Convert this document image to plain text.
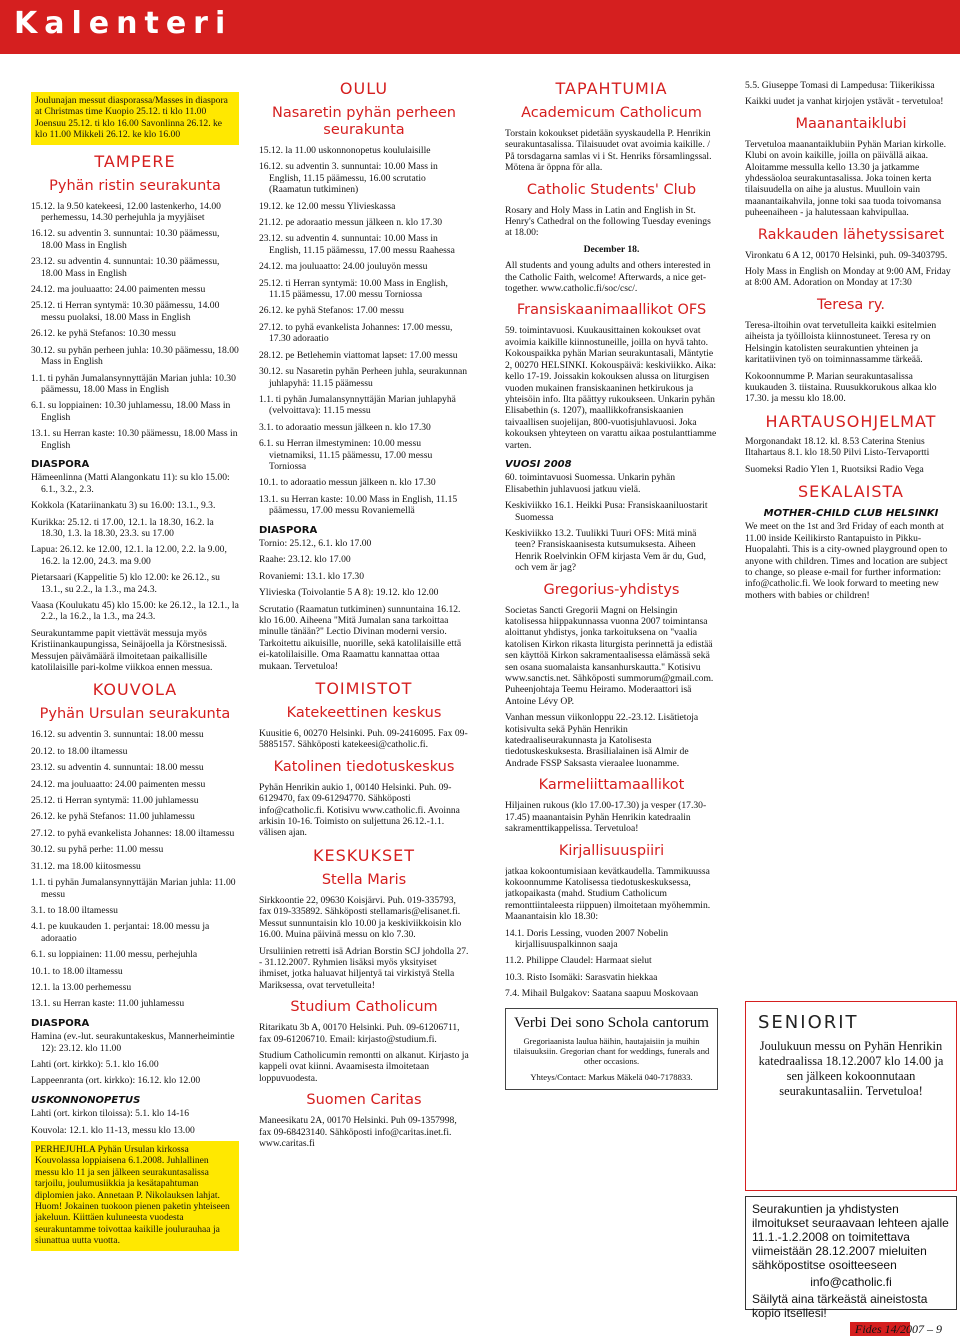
Kalenteri

Joulunajan messut diasporassa/Masses in diaspora at Christmas time Kuopio 25.12. ti klo 11.00 Joensuu 25.12. ti klo 16.00 Savonlinna 26.12. ke klo 11.00 Mikkeli 26.12. ke klo 16.00

TAMPERE
Pyhän ristin seurakunta

15.12. la 9.50 katekeesi, 12.00 lastenkerho, 14.00 perhemessu, 14.30 perhejuhla ja myyjäiset

16.12. su adventin 3. sunnuntai: 10.30 päämessu, 18.00 Mass in English

23.12. su adventin 4. sunnuntai: 10.30 päämessu, 18.00 Mass in English

24.12. ma jouluaatto: 24.00 paimenten messu

25.12. ti Herran syntymä: 10.30 päämessu, 14.00 messu puolaksi, 18.00 Mass in English

26.12. ke pyhä Stefanos: 10.30 messu

30.12. su pyhän perheen juhla: 10.30 päämessu, 18.00 Mass in English

1.1. ti pyhän Jumalansynnyttäjän Marian juhla: 10.30 päämessu, 18.00 Mass in English

6.1. su loppiainen: 10.30 juhlamessu, 18.00 Mass in English

13.1. su Herran kaste: 10.30 päämessu, 18.00 Mass in English

DIASPORA

Hämeenlinna (Matti Alangonkatu 11): su klo 15.00: 6.1., 3.2., 2.3.

Kokkola (Katariinankatu 3) su 16.00: 13.1., 9.3.

Kurikka: 25.12. ti 17.00, 12.1. la 18.30, 16.2. la 18.30, 1.3. la 18.30, 23.3. su 17.00

Lapua: 26.12. ke 12.00, 12.1. la 12.00, 2.2. la 9.00, 16.2. la 12.00, 24.3. ma 9.00

Pietarsaari (Kappelitie 5) klo 12.00: ke 26.12., su 13.1., su 2.2., la 1.3., ma 24.3.

Vaasa (Koulukatu 45) klo 15.00: ke 26.12., la 12.1., la 2.2., la 16.2., la 1.3., ma 24.3.

Seurakuntamme papit viettävät messuja myös Kristiinankaupungissa, Seinäjoella ja Körstnesissä. Messujen päivämäärä ilmoitetaan paikallisille katolilaisille pari-kolme viikkoa ennen messua.

KOUVOLA
Pyhän Ursulan seurakunta

16.12. su adventin 3. sunnuntai: 18.00 messu

20.12. to 18.00 iltamessu

23.12. su adventin 4. sunnuntai: 18.00 messu

24.12. ma jouluaatto: 24.00 paimenten messu

25.12. ti Herran syntymä: 11.00 juhlamessu

26.12. ke pyhä Stefanos: 11.00 juhlamessu

27.12. to pyhä evankelista Johannes: 18.00 iltamessu

30.12. su pyhä perhe: 11.00 messu

31.12. ma 18.00 kiitosmessu

1.1. ti pyhän Jumalansynnyttäjän Marian juhla: 11.00 messu

3.1. to 18.00 iltamessu

4.1. pe kuukauden 1. perjantai: 18.00 messu ja adoraatio

6.1. su loppiainen: 11.00 messu, perhejuhla

10.1. to 18.00 iltamessu

12.1. la 13.00 perhemessu

13.1. su Herran kaste: 11.00 juhlamessu

DIASPORA

Hamina (ev.-lut. seurakuntakeskus, Mannerheimintie 12): 23.12. klo 11.00

Lahti (ort. kirkko): 5.1. klo 16.00

Lappeenranta (ort. kirkko): 16.12. klo 12.00

USKONNONOPETUS

Lahti (ort. kirkon tiloissa): 5.1. klo 14-16

Kouvola: 12.1. klo 11-13, messu klo 13.00

PERHEJUHLA Pyhän Ursulan kirkossa Kouvolassa loppiaisena 6.1.2008. Juhlallinen messu klo 11 ja sen jälkeen seurakuntasalissa tarjoilu, joulumusiikkia ja kesätapahtuman diplomien jako. Annetaan P. Nikolauksen lahjat. Huom! Jokainen tuokoon pienen paketin yhteiseen jakeluun. Kiittäen kuluneesta vuodesta seurakuntamme toivottaa kaikille joulurauhaa ja siunattua uutta vuotta.

OULU
Nasaretin pyhän perheen seurakunta

15.12. la 11.00 uskonnonopetus koululaisille

16.12. su adventin 3. sunnuntai: 10.00 Mass in English, 11.15 päämessu, 16.00 scrutatio (Raamatun tutkiminen)

19.12. ke 12.00 messu Ylivieskassa

21.12. pe adoraatio messun jälkeen n. klo 17.30

23.12. su adventin 4. sunnuntai: 10.00 Mass in English, 11.15 päämessu, 17.00 messu Raahessa

24.12. ma jouluaatto: 24.00 jouluyön messu

25.12. ti Herran syntymä: 10.00 Mass in English, 11.15 päämessu, 17.00 messu Torniossa

26.12. ke pyhä Stefanos: 17.00 messu

27.12. to pyhä evankelista Johannes: 17.00 messu, 17.30 adoraatio

28.12. pe Betlehemin viattomat lapset: 17.00 messu

30.12. su Nasaretin pyhän Perheen juhla, seurakunnan juhlapyhä: 11.15 päämessu

1.1. ti pyhän Jumalansynnyttäjän Marian juhlapyhä (velvoittava): 11.15 messu

3.1. to adoraatio messun jälkeen n. klo 17.30

6.1. su Herran ilmestyminen: 10.00 messu vietnamiksi, 11.15 päämessu, 17.00 messu Torniossa

10.1. to adoraatio messun jälkeen n. klo 17.30

13.1. su Herran kaste: 10.00 Mass in English, 11.15 päämessu, 17.00 messu Rovaniemellä

DIASPORA

Tornio: 25.12., 6.1. klo 17.00

Raahe: 23.12. klo 17.00

Rovaniemi: 13.1. klo 17.30

Ylivieska (Toivolantie 5 A 8): 19.12. klo 12.00

Scrutatio (Raamatun tutkiminen) sunnuntaina 16.12. klo 16.00. Aiheena "Mitä Jumalan sana tarkoittaa minulle tänään?" Lectio Divinan moderni versio. Tarkoitettu aikuisille, nuorille, sekä katolilaisille että ei-katolilaisille. Oma Raamattu kannattaa ottaa mukaan. Tervetuloa!

TOIMISTOT
Katekeettinen keskus

Kuusitie 6, 00270 Helsinki. Puh. 09-2416095. Fax 09-5885157. Sähköposti katekeesi@catholic.fi.

Katolinen tiedotuskeskus

Pyhän Henrikin aukio 1, 00140 Helsinki. Puh. 09-6129470, fax 09-61294770. Sähköposti info@catholic.fi. Kotisivu www.catholic.fi. Avoinna arkisin 10-16. Toimisto on suljettuna 26.12.-1.1. välisen ajan.

KESKUKSET
Stella Maris

Sirkkoontie 22, 09630 Koisjärvi. Puh. 019-335793, fax 019-335892. Sähköposti stellamaris@elisanet.fi. Messut sunnuntaisin klo 10.00 ja keskiviikkoisin klo 16.00. Muina päivinä messu on klo 7.30.

Ursuliinien retretti isä Adrian Borstin SCJ johdolla 27. - 31.12.2007. Ryhmien lisäksi myös yksityiset ihmiset, jotka haluavat hiljentyä tai virkistyä Stella Mariksessa, ovat tervetulleita!

Studium Catholicum

Ritarikatu 3b A, 00170 Helsinki. Puh. 09-61206711, fax 09-61206710. Email: kirjasto@studium.fi.

Studium Catholicumin remontti on alkanut. Kirjasto ja kappeli ovat kiinni. Avaamisesta ilmoitetaan loppuvuodesta.

Suomen Caritas

Maneesikatu 2A, 00170 Helsinki. Puh 09-1357998, fax 09-68423140. Sähköposti info@caritas.inet.fi. www.caritas.fi

TAPAHTUMIA
Academicum Catholicum

Torstain kokoukset pidetään syyskaudella P. Henrikin seurakuntasalissa. Tilaisuudet ovat avoimia kaikille. / På torsdagarna samlas vi i St. Henriks församlingssal. Mötena är öppna för alla.

Catholic Students' Club

Rosary and Holy Mass in Latin and English in St. Henry's Cathedral on the following Tuesday evenings at 18.00:

December 18.

All students and young adults and others interested in the Catholic Faith, welcome! Afterwards, a nice get-together. www.catholic.fi/soc/csc/.

Fransiskaanimaallikot OFS

59. toimintavuosi. Kuukausittainen kokoukset ovat avoimia kaikille kiinnostuneille, joilla on hyvä tahto. Kokouspaikka pyhän Marian seurakuntasali, Mäntytie 2, 00270 HELSINKI. Kokouspäivä: keskiviikko. Aika: kello 17-19. Joissakin kokouksen alussa on liturgisen vuoden mukainen fransiskaaninen hetkirukous ja yhteisöin info. Ilta päättyy rukoukseen. Unkarin pyhän Elisabethin (s. 1207), maallikkofransiskaanien taivaallisen suojelijan, 800-vuotisjuhlavuosi. Joka kokouksen yhteyteen on varattu aikaa postulanttiamme varten.

VUOSI 2008

60. toimintavuosi Suomessa. Unkarin pyhän Elisabethin juhlavuosi jatkuu vielä.

Keskiviikko 16.1. Heikki Pusa: Fransiskaaniluostarit Suomessa

Keskiviikko 13.2. Tuulikki Tuuri OFS: Mitä minä teen? Fransiskaanisesta kutsumuksesta. Aiheen Henrik Roelvinkin OFM kirjasta Vem är du, Gud, och vem är jag?

Gregorius-yhdistys

Societas Sancti Gregorii Magni on Helsingin katolisessa hiippakunnassa vuonna 2007 toimintansa aloittanut yhdistys, jonka tarkoituksena on "vaalia katolisen Kirkon rikasta liturgista perinnettä ja edistää sen käyttöä Kirkon sakramentaalisessa elämässä sekä sen osana suomalaista kansanhurskautta." Kotisivu www.sanctis.net. Sähköposti summorum@gmail.com. Puheenjohtaja Teemu Heiramo. Moderaattori isä Antoine Lévy OP.

Vanhan messun viikonloppu 22.-23.12. Lisätietoja kotisivulta sekä Pyhän Henrikin katedraaliseurakunnasta ja Katolisesta tiedotuskeskuksesta. Brasilialainen isä Almir de Andrade FSSP Saksasta vieraalee luonamme.

Karmeliittamaallikot

Hiljainen rukous (klo 17.00-17.30) ja vesper (17.30-17.45) maanantaisin Pyhän Henrikin katedraalin sakramenttikappelissa. Tervetuloa!

Kirjallisuuspiiri

jatkaa kokoontumisiaan kevätkaudella. Tammikuussa kokoonnumme Katolisessa tiedotuskeskuksessa, jatkopaikasta (mahd. Studium Catholicum remonttiintaleesta riippuen) ilmoitetaan myöhemmin. Maanantaisin klo 18.30:

14.1. Doris Lessing, vuoden 2007 Nobelin kirjallisuuspalkinnon saaja

11.2. Philippe Claudel: Harmaat sielut

10.3. Risto Isomäki: Sarasvatin hiekkaa

7.4. Mihail Bulgakov: Saatana saapuu Moskovaan

Verbi Dei sono Schola cantorum
Gregoriaanista laulua häihin, hautajaisiin ja muihin tilaisuuksiin. Gregorian chant for weddings, funerals and other occasions.
Yhteys/Contact: Markus Mäkelä 040-7178833.

5.5. Giuseppe Tomasi di Lampedusa: Tiikerikissa

Kaikki uudet ja vanhat kirjojen ystävät - tervetuloa!

Maanantaiklubi

Tervetuloa maanantaiklubiin Pyhän Marian kirkolle. Klubi on avoin kaikille, joilla on päivällä aikaa. Aloitamme messulla kello 13.30 ja jatkamme yhdessäoloa seurakuntasalissa. Joka toinen kerta tilaisuudella on aihe ja alustus. Muulloin vain maanantaikahvila, jonne toki saa tuoda toivomansa puheenaiheen - ja halutessaan kahvipullaa.

Rakkauden lähetyssisaret

Vironkatu 6 A 12, 00170 Helsinki, puh. 09-3403795.

Holy Mass in English on Monday at 9:00 AM, Friday at 8:00 AM. Adoration on Monday at 17:30

Teresa ry.

Teresa-iltoihin ovat tervetulleita kaikki esitelmien aiheista ja työilloista kiinnostuneet. Teresa ry on Helsingin katolisten seurakuntien yhteinen ja karitatiivinen työ on toiminnassamme tärkeää.

Kokoonnumme P. Marian seurakuntasalissa kuukauden 3. tiistaina. Ruusukkorukous alkaa klo 17.30. ja messu klo 18.00.

HARTAUSOHJELMAT

Morgonandakt 18.12. kl. 8.53 Caterina Stenius Iltahartaus 8.1. klo 18.50 Pilvi Listo-Tervaportti

Suomeksi Radio Ylen 1, Ruotsiksi Radio Vega

SEKALAISTA
MOTHER-CHILD CLUB HELSINKI

We meet on the 1st and 3rd Friday of each month at 11.00 inside Keilikirsto Rantapuisto in Pikku-Huopalahti. This is a city-owned playground open to anyone with children. Times and location are subject to change, so please e-mail for further information: info@catholic.fi. We look forward to meeting new mothers with babies or children!

SENIORIT
Joulukuun messu on Pyhän Henrikin katedraalissa 18.12.2007 klo 14.00 ja sen jälkeen kokoonnutaan seurakuntasaliin. Tervetuloa!
Seurakuntien ja yhdistysten ilmoitukset seuraavaan lehteen ajalle 11.1.-1.2.2008 on toimitettava viimeistään 28.12.2007 mieluiten sähköpostitse osoitteeseen
info@catholic.fi
Säilytä aina tärkeästä aineistosta kopio itsellesi!
Fides 14/2007 – 9
